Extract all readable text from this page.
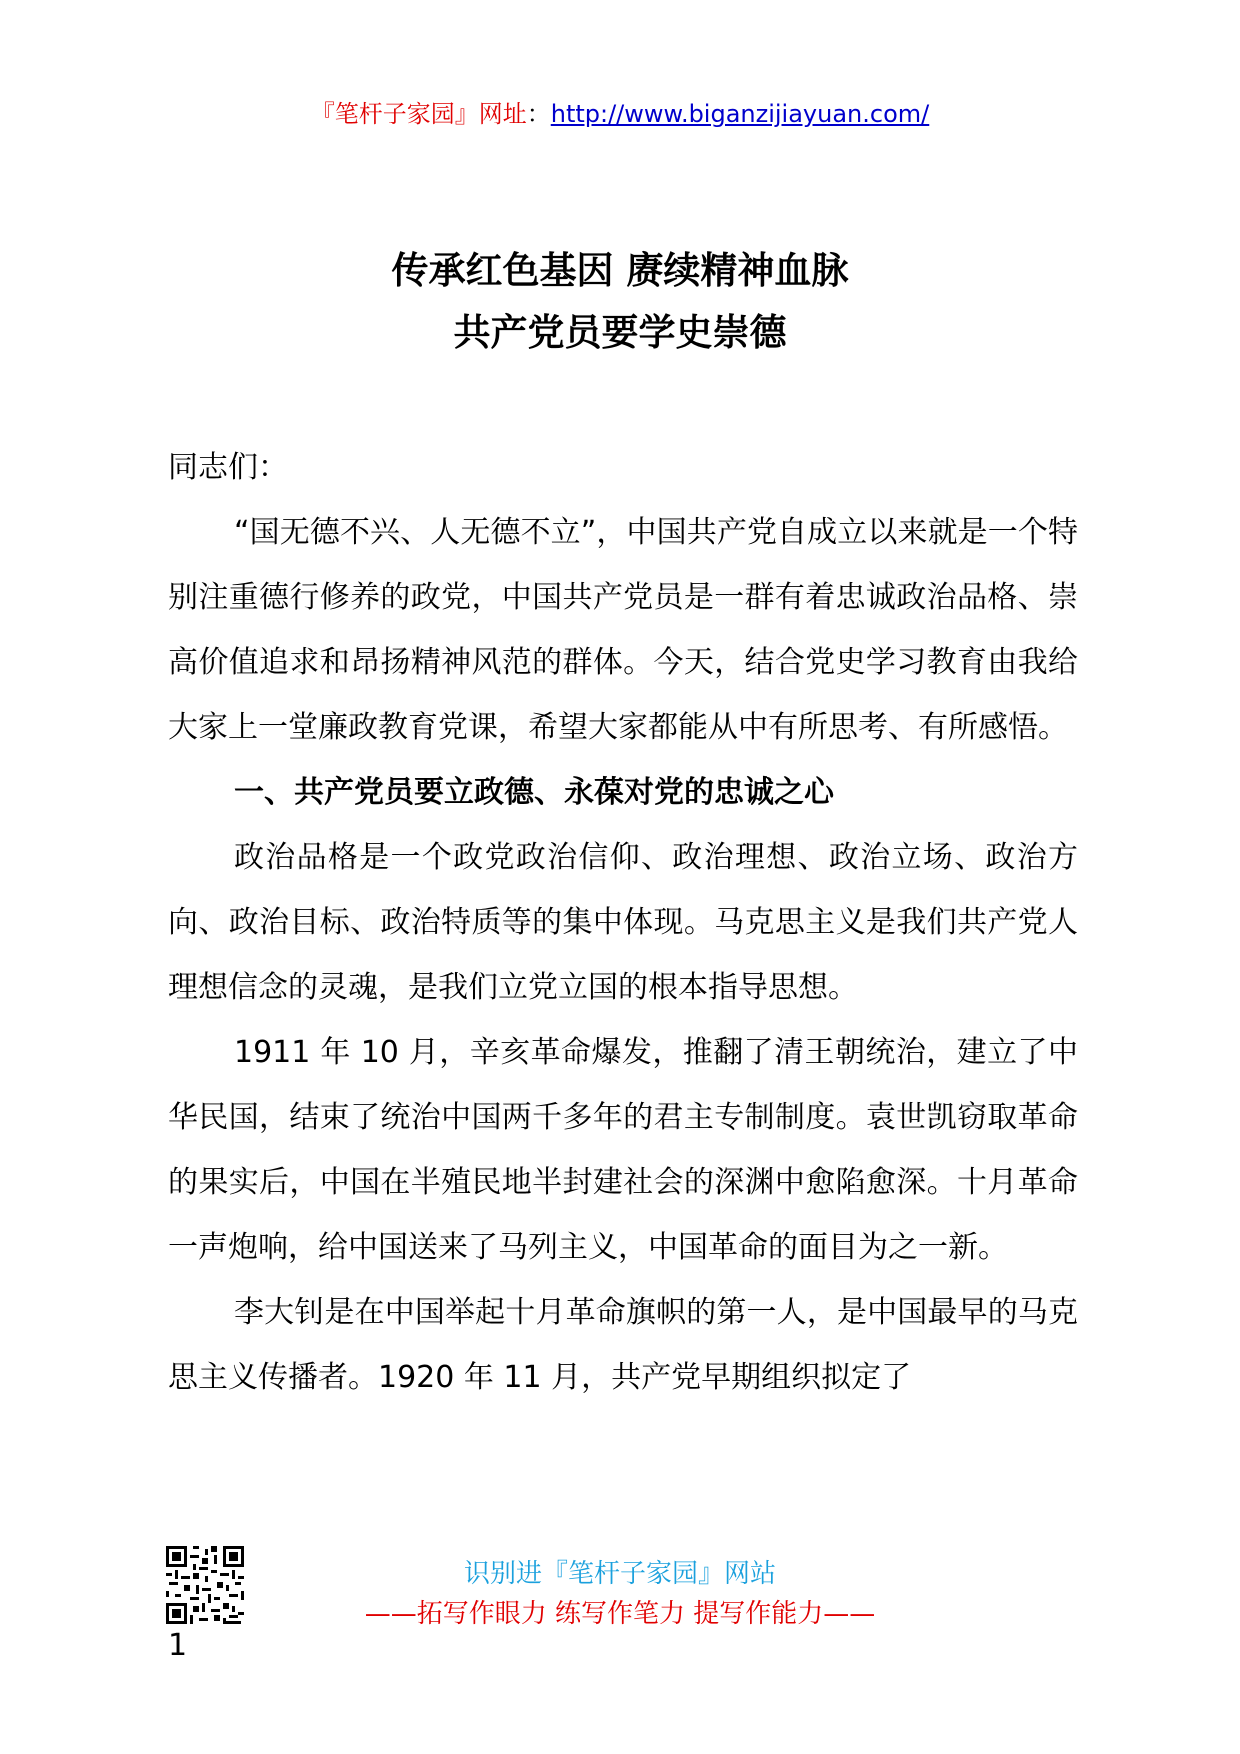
『笔杆子家园』网址：http://www.biganzijiayuan.com/
传承红色基因 赓续精神血脉
共产党员要学史崇德

同志们：

“国无德不兴、人无德不立”，中国共产党自成立以来就是一个特别注重德行修养的政党，中国共产党员是一群有着忠诚政治品格、崇高价值追求和昂扬精神风范的群体。今天，结合党史学习教育由我给大家上一堂廉政教育党课，希望大家都能从中有所思考、有所感悟。

一、共产党员要立政德、永葆对党的忠诚之心

政治品格是一个政党政治信仰、政治理想、政治立场、政治方向、政治目标、政治特质等的集中体现。马克思主义是我们共产党人理想信念的灵魂，是我们立党立国的根本指导思想。

1911 年 10 月，辛亥革命爆发，推翻了清王朝统治，建立了中华民国，结束了统治中国两千多年的君主专制制度。袁世凯窃取革命的果实后，中国在半殖民地半封建社会的深渊中愈陷愈深。十月革命一声炮响，给中国送来了马列主义，中国革命的面目为之一新。

李大钊是在中国举起十月革命旗帜的第一人，是中国最早的马克思主义传播者。1920 年 11 月，共产党早期组织拟定了

识别进『笔杆子家园』网站
——拓写作眼力 练写作笔力 提写作能力——
1
